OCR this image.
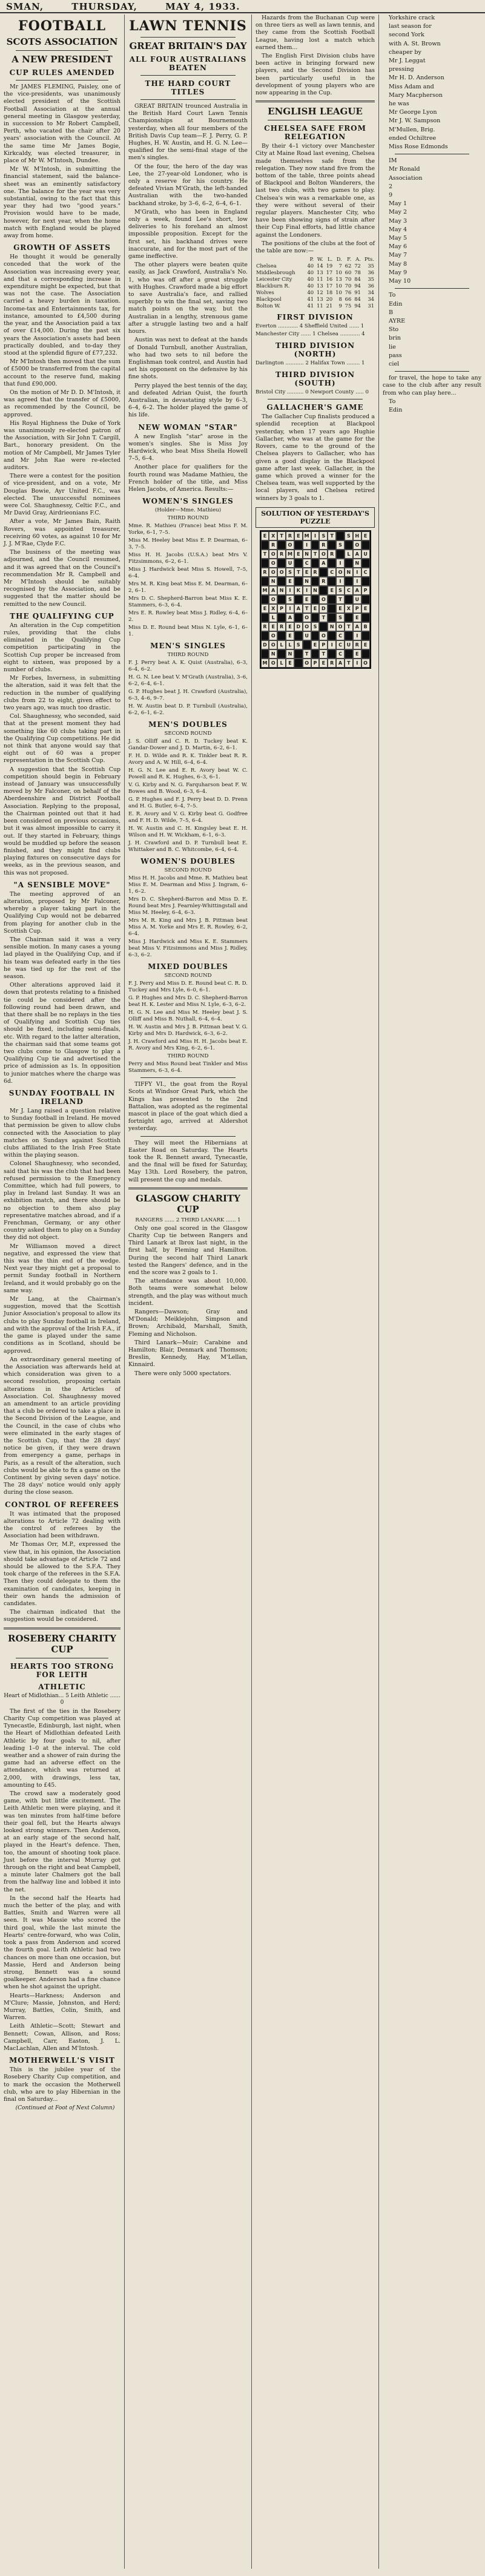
SMAN,	THURSDAY,	MAY 4, 1933.
FOOTBALL
SCOTS ASSOCIATION
A NEW PRESIDENT
CUP RULES AMENDED

Mr JAMES FLEMING, Paisley, one of the vice-presidents, was unanimously elected president of the Scottish Football Association at the annual general meeting in Glasgow yesterday, in succession to Mr Robert Campbell, Perth, who vacated the chair after 20 years' association with the Council. At the same time Mr James Bogie, Kirkcaldy, was elected treasurer, in place of Mr W. M'Intosh, Dundee.

Mr W. M'Intosh, in submitting the financial statement, said the balance-sheet was an eminently satisfactory one. The balance for the year was very substantial, owing to the fact that this year they had two "good years." Provision would have to be made, however, for next year, when the home match with England would be played away from home.

GROWTH OF ASSETS

He thought it would be generally conceded that the work of the Association was increasing every year, and that a corresponding increase in expenditure might be expected, but that was not the case. The Association carried a heavy burden in taxation. Income-tax and Entertainments tax, for instance, amounted to £4,500 during the year, and the Association paid a tax of over £14,000. During the past six years the Association's assets had been practically doubled, and to-day they stood at the splendid figure of £77,232.

Mr M'Intosh then moved that the sum of £5000 be transferred from the capital account to the reserve fund, making that fund £90,000.

On the motion of Mr D. D. M'Intosh, it was agreed that the transfer of £5000, as recommended by the Council, be approved.

His Royal Highness the Duke of York was unanimously re-elected patron of the Association, with Sir John T. Cargill, Bart., honorary president. On the motion of Mr Campbell, Mr James Tyler and Mr John Rae were re-elected auditors.

There were a contest for the position of vice-president, and on a vote, Mr Douglas Bowie, Ayr United F.C., was elected. The unsuccessful nominees were Col. Shaughnessy, Celtic F.C., and Mr David Gray, Airdrieonians F.C.

After a vote, Mr James Bain, Raith Rovers, was appointed treasurer, receiving 60 votes, as against 10 for Mr J. J. M'Rae, Clyde F.C.

The business of the meeting was adjourned, and the Council resumed, and it was agreed that on the Council's recommendation Mr R. Campbell and Mr M'Intosh should be suitably recognised by the Association, and be suggested that the matter should be remitted to the new Council.

THE QUALIFYING CUP

An alteration in the Cup competition rules, providing that the clubs eliminated in the Qualifying Cup competition participating in the Scottish Cup proper be increased from eight to sixteen, was proposed by a number of clubs.

Mr Forbes, Inverness, in submitting the alteration, said it was felt that the reduction in the number of qualifying clubs from 22 to eight, given effect to two years ago, was much too drastic.

Col. Shaughnessy, who seconded, said that at the present moment they had something like 60 clubs taking part in the Qualifying Cup competitions. He did not think that anyone would say that eight out of 60 was a proper representation in the Scottish Cup.

A suggestion that the Scottish Cup competition should begin in February instead of January was unsuccessfully moved by Mr Falconer, on behalf of the Aberdeenshire and District Football Association. Replying to the proposal, the Chairman pointed out that it had been considered on previous occasions, but it was almost impossible to carry it out. If they started in February, things would be muddled up before the season finished, and they might find clubs playing fixtures on consecutive days for weeks, as in the previous season, and this was not proposed.

"A SENSIBLE MOVE"

The meeting approved of an alteration, proposed by Mr Falconer, whereby a player taking part in the Qualifying Cup would not be debarred from playing for another club in the Scottish Cup.

The Chairman said it was a very sensible motion. In many cases a young lad played in the Qualifying Cup, and if his team was defeated early in the ties he was tied up for the rest of the season.

Other alterations approved laid it down that protests relating to a finished tie could be considered after the following round had been drawn, and that there shall be no replays in the ties of Qualifying and Scottish Cup ties should be fixed, including semi-finals, etc. With regard to the latter alteration, the chairman said that some teams got two clubs come to Glasgow to play a Qualifying Cup tie and advertised the price of admission as 1s. In opposition to junior matches where the charge was 6d.

SUNDAY FOOTBALL IN IRELAND

Mr J. Lang raised a question relative to Sunday football in Ireland. He moved that permission be given to allow clubs connected with the Association to play matches on Sundays against Scottish clubs affiliated to the Irish Free State within the playing season.

Colonel Shaughnessy, who seconded, said that his was the club that had been refused permission to the Emergency Committee, which had full powers, to play in Ireland last Sunday. It was an exhibition match, and there should be no objection to them also play representative matches abroad, and if a Frenchman, Germany, or any other country asked them to play on a Sunday they did not object.

Mr Williamson moved a direct negative, and expressed the view that this was the thin end of the wedge. Next year they might get a proposal to permit Sunday football in Northern Ireland, and it would probably go on the same way.

Mr Lang, at the Chairman's suggestion, moved that the Scottish Junior Association's proposal to allow its clubs to play Sunday football in Ireland, and with the approval of the Irish F.A., if the game is played under the same conditions as in Scotland, should be approved.

An extraordinary general meeting of the Association was afterwards held at which consideration was given to a second resolution, proposing certain alterations in the Articles of Association. Col. Shaughnessy moved an amendment to an article providing that a club be ordered to take a place in the Second Division of the League, and the Council, in the case of clubs who were eliminated in the early stages of the Scottish Cup, that the 28 days' notice be given, if they were drawn from emergency a game, perhaps in Paris, as a result of the alteration, such clubs would be able to fix a game on the Continent by giving seven days' notice. The 28 days' notice would only apply during the close season.

CONTROL OF REFEREES

It was intimated that the proposed alterations to Article 72 dealing with the control of referees by the Association had been withdrawn.

Mr Thomas Orr, M.P., expressed the view that, in his opinion, the Association should take advantage of Article 72 and should be allowed to the S.F.A. They took charge of the referees in the S.F.A. Then they could delegate to them the examination of candidates, keeping in their own hands the admission of candidates.

The chairman indicated that the suggestion would be considered.

ROSEBERY CHARITY CUP
HEARTS TOO STRONG FOR LEITH
ATHLETIC

Heart of Midlothian... 5 Leith Athletic ...... 0

The first of the ties in the Rosebery Charity Cup competition was played at Tynecastle, Edinburgh, last night, when the Heart of Midlothian defeated Leith Athletic by four goals to nil, after leading 1–0 at the interval. The cold weather and a shower of rain during the game had an adverse effect on the attendance, which was returned at 2,000, with drawings, less tax, amounting to £45.

The crowd saw a moderately good game, with but little excitement. The Leith Athletic men were playing, and it was ten minutes from half-time before their goal fell, but the Hearts always looked strong winners. Then Anderson, at an early stage of the second half, played in the Heart's defence. Then, too, the amount of shooting took place. Just before the interval Murray got through on the right and beat Campbell, a minute later Chalmers got the ball from the halfway line and lobbed it into the net.

In the second half the Hearts had much the better of the play, and with Battles, Smith and Warren were all seen. It was Massie who scored the third goal, while the last minute the Hearts' centre-forward, who was Colin, took a pass from Anderson and scored the fourth goal. Leith Athletic had two chances on more than one occasion, but Massie, Herd and Anderson being strong, Bennett was a sound goalkeeper. Anderson had a fine chance when he shot against the upright.

Hearts—Harkness; Anderson and M'Clure; Massie, Johnston, and Herd; Murray, Battles, Colin, Smith, and Warren.

Leith Athletic—Scott; Stewart and Bennett; Cowan, Allison, and Ross; Campbell, Carr, Easton, J. L. MacLachlan, Allen and M'Intosh.

MOTHERWELL'S VISIT

This is the jubilee year of the Rosebery Charity Cup competition, and to mark the occasion the Motherwell club, who are to play Hibernian in the final on Saturday...

(Continued at Foot of Next Column)

LAWN TENNIS
GREAT BRITAIN'S DAY
ALL FOUR AUSTRALIANS BEATEN
THE HARD COURT TITLES

GREAT BRITAIN trounced Australia in the British Hard Court Lawn Tennis Championships at Bournemouth yesterday, when all four members of the British Davis Cup team—F. J. Perry, G. P. Hughes, H. W. Austin, and H. G. N. Lee—qualified for the semi-final stage of the men's singles.

Of the four, the hero of the day was Lee, the 27-year-old Londoner, who is only a reserve for his country. He defeated Vivian M'Grath, the left-handed Australian with the two-handed backhand stroke, by 3–6, 6–2, 6–4, 6–1.

M'Grath, who has been in England only a week, found Lee's short, low deliveries to his forehand an almost impossible proposition. Except for the first set, his backhand drives were inaccurate, and for the most part of the game ineffective.

The other players were beaten quite easily, as Jack Crawford, Australia's No. 1, who was off after a great struggle with Hughes. Crawford made a big effort to save Australia's face, and rallied superbly to win the final set, saving two match points on the way, but the Australian in a lengthy, strenuous game after a struggle lasting two and a half hours.

Austin was next to defeat at the hands of Donald Turnbull, another Australian, who had two sets to nil before the Englishman took control, and Austin had set his opponent on the defensive by his fine shots.

Perry played the best tennis of the day, and defeated Adrian Quist, the fourth Australian, in devastating style by 6–3, 6–4, 6–2. The holder played the game of his life.

NEW WOMAN "STAR"

A new English "star" arose in the women's singles. She is Miss Joy Hardwick, who beat Miss Sheila Howell 7–5, 6–4.

Another place for qualifiers for the fourth round was Madame Mathieu, the French holder of the title, and Miss Helen Jacobs, of America. Results:—

WOMEN'S SINGLES

(Holder—Mme. Mathieu)

THIRD ROUND

Mme. R. Mathieu (France) beat Miss F. M. Yorke, 6–1, 7–5.

Miss M. Heeley beat Miss E. P. Dearman, 6–3, 7–5.

Miss H. H. Jacobs (U.S.A.) beat Mrs V. Fitzsimmons, 6–2, 6–1.

Miss J. Hardwick beat Miss S. Howell, 7–5, 6–4.

Mrs M. R. King beat Miss E. M. Dearman, 6–2, 6–1.

Mrs D. C. Shepherd-Barron beat Miss K. E. Stammers, 6–3, 6–4.

Mrs E. R. Rowley beat Miss J. Ridley, 6–4, 6–2.

Miss D. E. Round beat Miss N. Lyle, 6–1, 6–1.

MEN'S SINGLES

THIRD ROUND

F. J. Perry beat A. K. Quist (Australia), 6–3, 6–4, 6–2.

H. G. N. Lee beat V. M'Grath (Australia), 3–6, 6–2, 6–4, 6–1.

G. P. Hughes beat J. H. Crawford (Australia), 6–3, 4–6, 9–7.

H. W. Austin beat D. P. Turnbull (Australia), 6–2, 6–1, 6–2.

MEN'S DOUBLES

SECOND ROUND

J. S. Olliff and C. R. D. Tuckey beat K. Gandar-Dower and J. D. Martin, 6–2, 6–1.

F. H. D. Wilde and R. K. Tinkler beat R. R. Avory and A. W. Hill, 6–4, 6–4.

H. G. N. Lee and E. R. Avory beat W. C. Powell and R. K. Hughes, 6–3, 6–1.

V. G. Kirby and N. G. Farquharson beat F. W. Bowes and B. Wood, 6–3, 6–4.

G. P. Hughes and F. J. Perry beat D. D. Prenn and H. G. Butler, 6–4, 7–5.

E. R. Avory and V. G. Kirby beat G. Godfree and F. H. D. Wilde, 7–5, 6–4.

H. W. Austin and C. H. Kingsley beat E. H. Wilson and H. W. Wickham, 6–1, 6–3.

J. H. Crawford and D. P. Turnbull beat E. Whittaker and B. C. Whitcombe, 6–4, 6–4.

WOMEN'S DOUBLES

SECOND ROUND

Miss H. H. Jacobs and Mme. R. Mathieu beat Miss E. M. Dearman and Miss J. Ingram, 6–1, 6–2.

Mrs D. C. Shepherd-Barron and Miss D. E. Round beat Mrs J. Fearnley-Whittingstall and Miss M. Heeley, 6–4, 6–3.

Mrs M. R. King and Mrs J. B. Pittman beat Miss A. M. Yorke and Mrs E. R. Rowley, 6–2, 6–4.

Miss J. Hardwick and Miss K. E. Stammers beat Miss V. Fitzsimmons and Miss J. Ridley, 6–3, 6–2.

MIXED DOUBLES

SECOND ROUND

F. J. Perry and Miss D. E. Round beat C. R. D. Tuckey and Mrs Lyle, 6–0, 6–1.

G. P. Hughes and Mrs D. C. Shepherd-Barron beat H. K. Lester and Miss N. Lyle, 6–3, 6–2.

H. G. N. Lee and Miss M. Heeley beat J. S. Olliff and Miss B. Nuthall, 6–4, 6–4.

H. W. Austin and Mrs J. B. Pittman beat V. G. Kirby and Mrs D. Hardwick, 6–3, 6–2.

J. H. Crawford and Miss H. H. Jacobs beat E. R. Avory and Mrs King, 6–2, 6–1.

THIRD ROUND

Perry and Miss Round beat Tinkler and Miss Stammers, 6–3, 6–4.

TIFFY VI., the goat from the Royal Scots at Windsor Great Park, which the Kings has presented to the 2nd Battalion, was adopted as the regimental mascot in place of the goat which died a fortnight ago, arrived at Aldershot yesterday.

They will meet the Hibernians at Easter Road on Saturday. The Hearts took the R. Bennett award, Tynecastle, and the final will be fixed for Saturday, May 13th. Lord Rosebery, the patron, will present the cup and medals.

GLASGOW CHARITY CUP

RANGERS ...... 2 THIRD LANARK ...... 1

Only one goal scored in the Glasgow Charity Cup tie between Rangers and Third Lanark at Ibrox last night, in the first half, by Fleming and Hamilton. During the second half Third Lanark tested the Rangers' defence, and in the end the score was 2 goals to 1.

The attendance was about 10,000. Both teams were somewhat below strength, and the play was without much incident.

Rangers—Dawson; Gray and M'Donald; Meiklejohn, Simpson and Brown; Archibald, Marshall, Smith, Fleming and Nicholson.

Third Lanark—Muir; Carabine and Hamilton; Blair, Denmark and Thomson; Breslin, Kennedy, Hay, M'Lellan, Kinnaird.

There were only 5000 spectators.

Hazards from the Buchanan Cup were on three tiers as well as lawn tennis, and they came from the Scottish Football League, having lost a match which earned them...

The English First Division clubs have been active in bringing forward new players, and the Second Division has been particularly useful in the development of young players who are now appearing in the Cup.

ENGLISH LEAGUE
CHELSEA SAFE FROM RELEGATION

By their 4–1 victory over Manchester City at Maine Road last evening, Chelsea made themselves safe from the relegation. They now stand five from the bottom of the table, three points ahead of Blackpool and Bolton Wanderers, the last two clubs, with two games to play. Chelsea's win was a remarkable one, as they were without several of their regular players. Manchester City, who have been showing signs of strain after their Cup Final efforts, had little chance against the Londoners.

The positions of the clubs at the foot of the table are now:—

	P.	W.	L.	D.	F.	A.	Pts.
Chelsea	40	14	19	7	62	72	35
Middlesbrough	40	13	17	10	60	78	36
Leicester City	40	11	16	13	70	84	35
Blackburn R.	40	13	17	10	70	94	36
Wolves	40	12	18	10	76	91	34
Blackpool	41	13	20	8	66	84	34
Bolton W.	41	11	21	9	75	94	31
FIRST DIVISION

Everton ............ 4 Sheffield United ...... 1

Manchester City ...... 1 Chelsea ............ 4

THIRD DIVISION (NORTH)

Darlington ........... 2 Halifax Town ........ 1

THIRD DIVISION (SOUTH)

Bristol City .......... 0 Newport County ..... 0

GALLACHER'S GAME

The Gallacher Cup finalists produced a splendid reception at Blackpool yesterday, when 17 years ago Hughie Gallacher, who was at the game for the Rovers, came to the ground of the Chelsea players to Gallacher, who has given a good display in the Blackpool game after last week. Gallacher, in the game which proved a winner for the Chelsea team, was well supported by the local players, and Chelsea retired winners by 3 goals to 1.

SOLUTION OF YESTERDAY'S PUZZLE
E	X	T	R	E M	I	S	T	S H E
R	O	I	R	S	O
T O R M E N T O R	L	A U
O	U	C	A	I	N
R O O S	T	E	R	C O N	I	C
N	E	N	R	I	I
M A N	I	K	I	N	E	S	C A P
O	S	E	O	T	U
E	X P	I	A	T	E D	E	X P	E
L	A	O	T	S	E
R	E	R	E D O S	N O T	A B
O	E	U	O	C	I
D O L	L	S	E	P	I	C U R	E
N	N	T	T	C	E
M O L	E	O P	E	R A	T	I	O

Yorkshire crack

last season for

second York

with A. St. Brown

cheaper by

Mr J. Leggat

pressing

Mr H. D. Anderson

Miss Adam and

Mary Macpherson

he was

Mr George Lyon

Mr J. W. Sampson

M'Mullen, Brig.

ended Ochiltree

Miss Rose Edmonds

IM

Mr Ronald

Association

2

9

May 1

May 2

May 3

May 4

May 5

May 6

May 7

May 8

May 9

May 10

To

Edin

B

AYRE

Sto

brin

lie

pass

ciel

for travel, the hope to take any case to the club after any result from who can play here...

To

Edin
